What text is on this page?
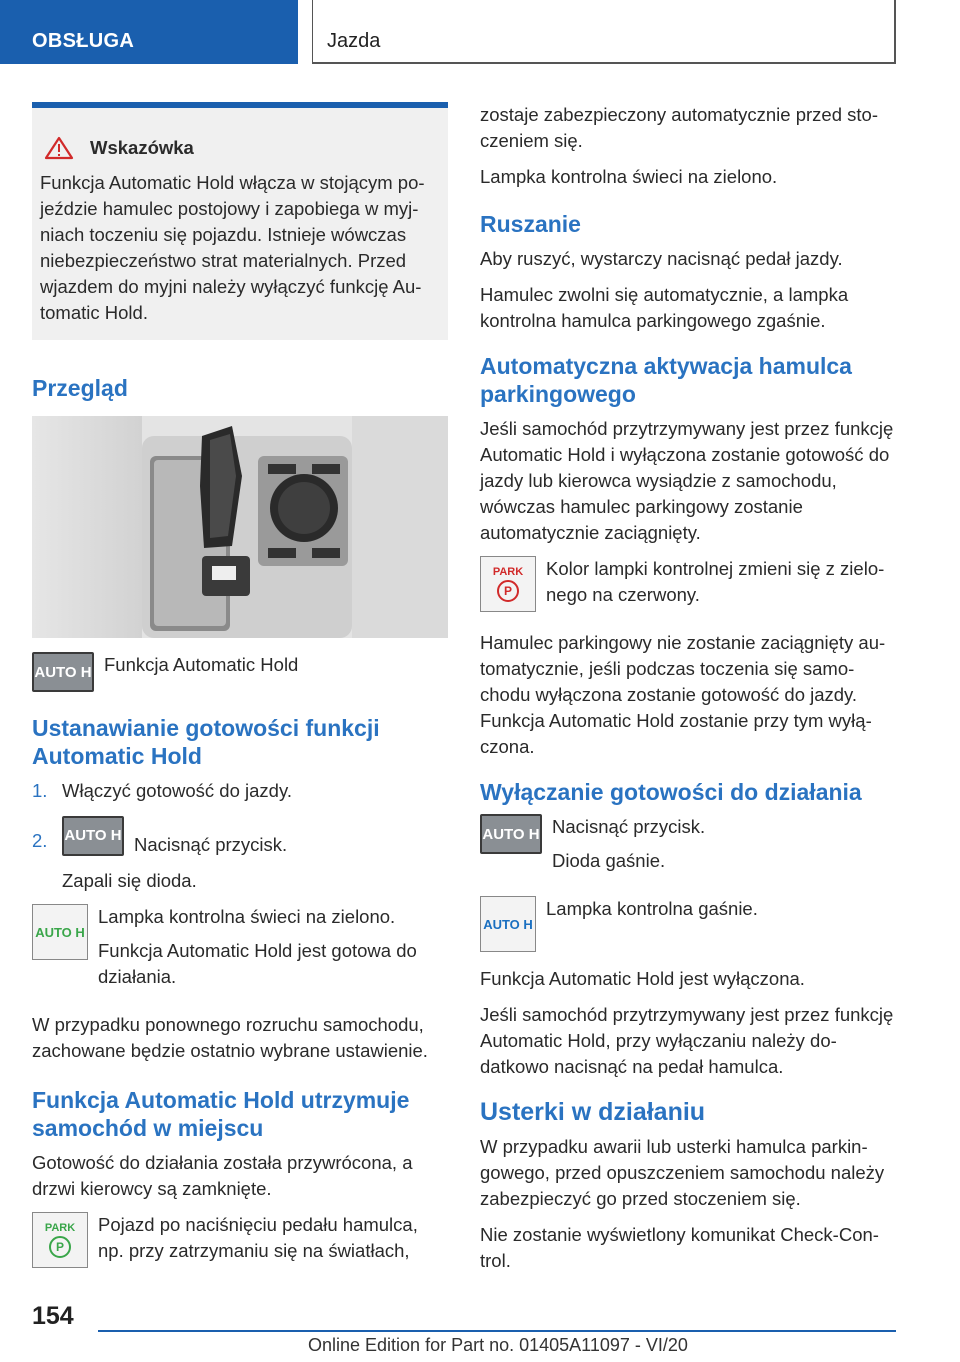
OBSŁUGA	Jazda
Wskazówka

Funkcja Automatic Hold włącza w stojącym pojeździe hamulec postojowy i zapobiega w myjniach toczeniu się pojazdu. Istnieje wówczas niebezpieczeństwo strat materialnych. Przed wjazdem do myjni należy wyłączyć funkcję Automatic Hold.

Przegląd
AUTO H Funkcja Automatic Hold

Ustanawianie gotowości funkcji Automatic Hold
1. Włączyć gotowość do jazdy.
2.	AUTO H Nacisnąć przycisk.

Zapali się dioda.

AUTO H

Lampka kontrolna świeci na zielono.

Funkcja Automatic Hold jest gotowa do działania.

W przypadku ponownego rozruchu samochodu, zachowane będzie ostatnio wybrane ustawienie.

Funkcja Automatic Hold utrzymuje samochód w miejscu

Gotowość do działania została przywrócona, a drzwi kierowcy są zamknięte.

PARK
P

Pojazd po naciśnięciu pedału hamulca, np. przy zatrzymaniu się na światłach,

zostaje zabezpieczony automatycznie przed stoczeniem się.

Lampka kontrolna świeci na zielono.

Ruszanie

Aby ruszyć, wystarczy nacisnąć pedał jazdy.

Hamulec zwolni się automatycznie, a lampka kontrolna hamulca parkingowego zgaśnie.

Automatyczna aktywacja hamulca parkingowego

Jeśli samochód przytrzymywany jest przez funkcję Automatic Hold i wyłączona zostanie gotowość do jazdy lub kierowca wysiądzie z samochodu, wówczas hamulec parkingowy zostanie automatycznie zaciągnięty.

PARK
P

Kolor lampki kontrolnej zmieni się z zielonego na czerwony.

Hamulec parkingowy nie zostanie zaciągnięty automatycznie, jeśli podczas toczenia się samochodu wyłączona zostanie gotowość do jazdy. Funkcja Automatic Hold zostanie przy tym wyłączona.

Wyłączanie gotowości do działania
AUTO H Nacisnąć przycisk.

Dioda gaśnie.

AUTO H

Lampka kontrolna gaśnie.

Funkcja Automatic Hold jest wyłączona.

Jeśli samochód przytrzymywany jest przez funkcję Automatic Hold, przy wyłączaniu należy dodatkowo nacisnąć na pedał hamulca.

Usterki w działaniu

W przypadku awarii lub usterki hamulca parkingowego, przed opuszczeniem samochodu należy zabezpieczyć go przed stoczeniem się.

Nie zostanie wyświetlony komunikat Check-Control.

154
Online Edition for Part no. 01405A11097 - VI/20
